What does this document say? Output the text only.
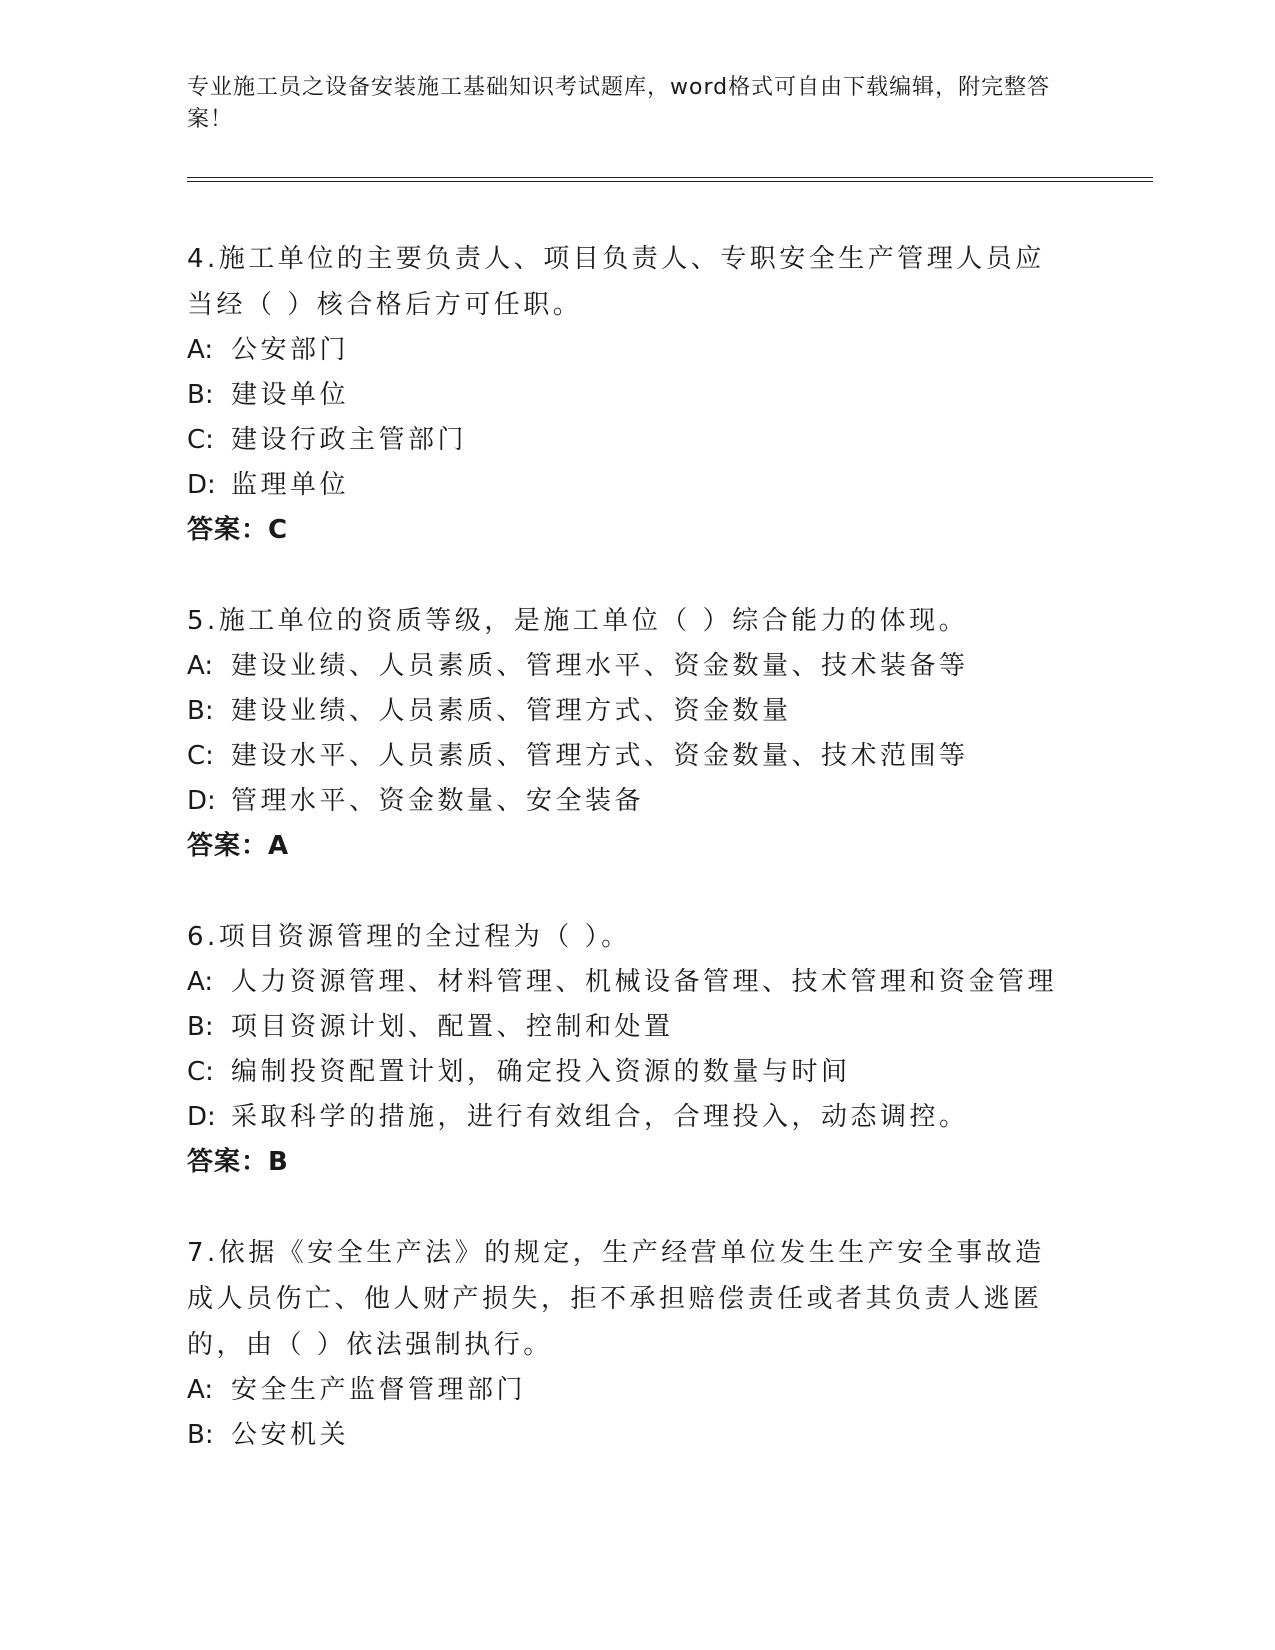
专业施工员之设备安装施工基础知识考试题库，word格式可自由下载编辑，附完整答案！
4.施工单位的主要负责人、项目负责人、专职安全生产管理人员应当经（ ）核合格后方可任职。
A: 公安部门
B: 建设单位
C: 建设行政主管部门
D: 监理单位
答案：C
5.施工单位的资质等级，是施工单位（ ）综合能力的体现。
A: 建设业绩、人员素质、管理水平、资金数量、技术装备等
B: 建设业绩、人员素质、管理方式、资金数量
C: 建设水平、人员素质、管理方式、资金数量、技术范围等
D: 管理水平、资金数量、安全装备
答案：A
6.项目资源管理的全过程为（ ）。
A: 人力资源管理、材料管理、机械设备管理、技术管理和资金管理
B: 项目资源计划、配置、控制和处置
C: 编制投资配置计划，确定投入资源的数量与时间
D: 采取科学的措施，进行有效组合，合理投入，动态调控。
答案：B
7.依据《安全生产法》的规定，生产经营单位发生生产安全事故造成人员伤亡、他人财产损失，拒不承担赔偿责任或者其负责人逃匿的，由（ ）依法强制执行。
A: 安全生产监督管理部门
B: 公安机关
